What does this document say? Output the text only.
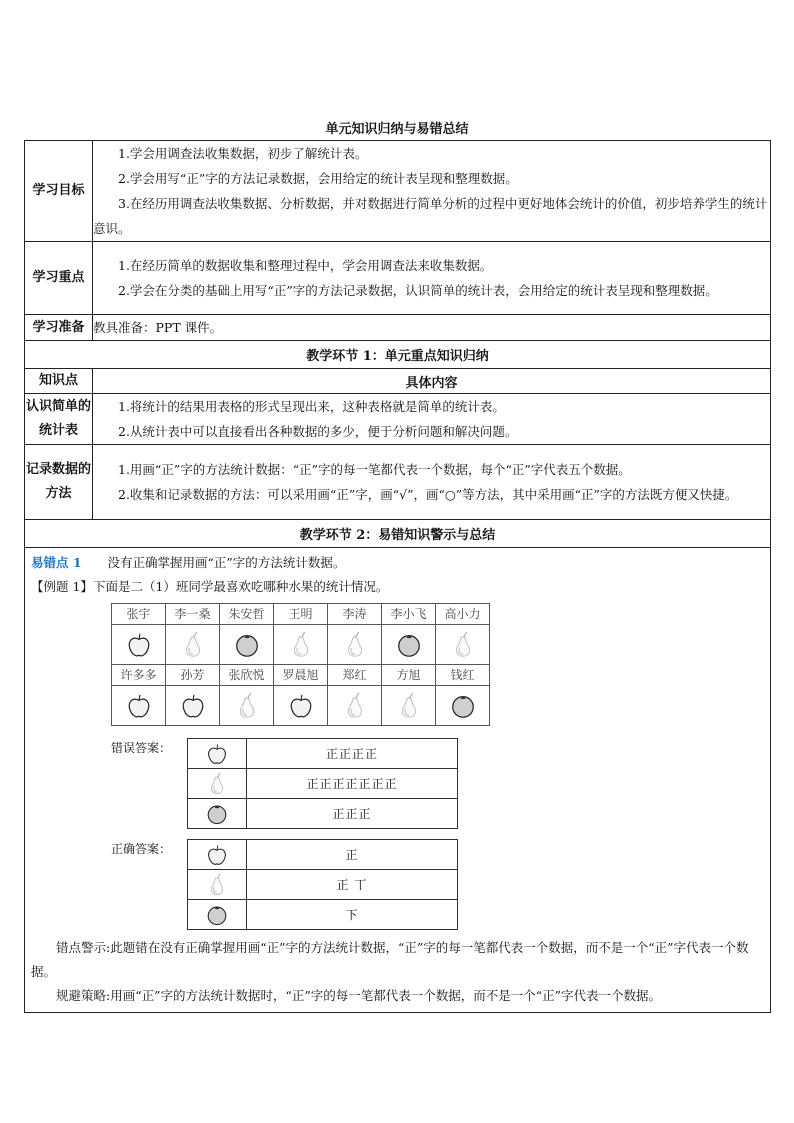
单元知识归纳与易错总结
学习目标	

1.学会用调查法收集数据，初步了解统计表。

2.学会用写“正”字的方法记录数据，会用给定的统计表呈现和整理数据。

3.在经历用调查法收集数据、分析数据，并对数据进行简单分析的过程中更好地体会统计的价值，初步培养学生的统计意识。

学习重点	

1.在经历简单的数据收集和整理过程中，学会用调查法来收集数据。

2.学会在分类的基础上用写“正”字的方法记录数据，认识简单的统计表，会用给定的统计表呈现和整理数据。

学习准备	教具准备：PPT 课件。
教学环节 1：单元重点知识归纳
知识点	具体内容
认识简单的统计表	

1.将统计的结果用表格的形式呈现出来，这种表格就是简单的统计表。

2.从统计表中可以直接看出各种数据的多少，便于分析问题和解决问题。

记录数据的方法	

1.用画“正”字的方法统计数据：“正”字的每一笔都代表一个数据，每个“正”字代表五个数据。

2.收集和记录数据的方法：可以采用画“正”字，画“√”，画“○”等方法，其中采用画“正”字的方法既方便又快捷。

教学环节 2：易错知识警示与总结

易错点 1 没有正确掌握用画“正”字的方法统计数据。
【例题 1】下面是二（1）班同学最喜欢吃哪种水果的统计情况。
张宇	李一桑	朱安哲	王明	李涛	李小飞	高小力

许多多	孙芳	张欣悦	罗晨旭	郑红	方旭	钱红

错误答案：
		正正正正

	正正正正正正正

	正正正
正确答案：
		正

	正 丅

	下

错点警示:此题错在没有正确掌握用画“正”字的方法统计数据，“正”字的每一笔都代表一个数据，而不是一个“正”字代表一个数据。

规避策略:用画“正”字的方法统计数据时，“正”字的每一笔都代表一个数据，而不是一个“正”字代表一个数据。
